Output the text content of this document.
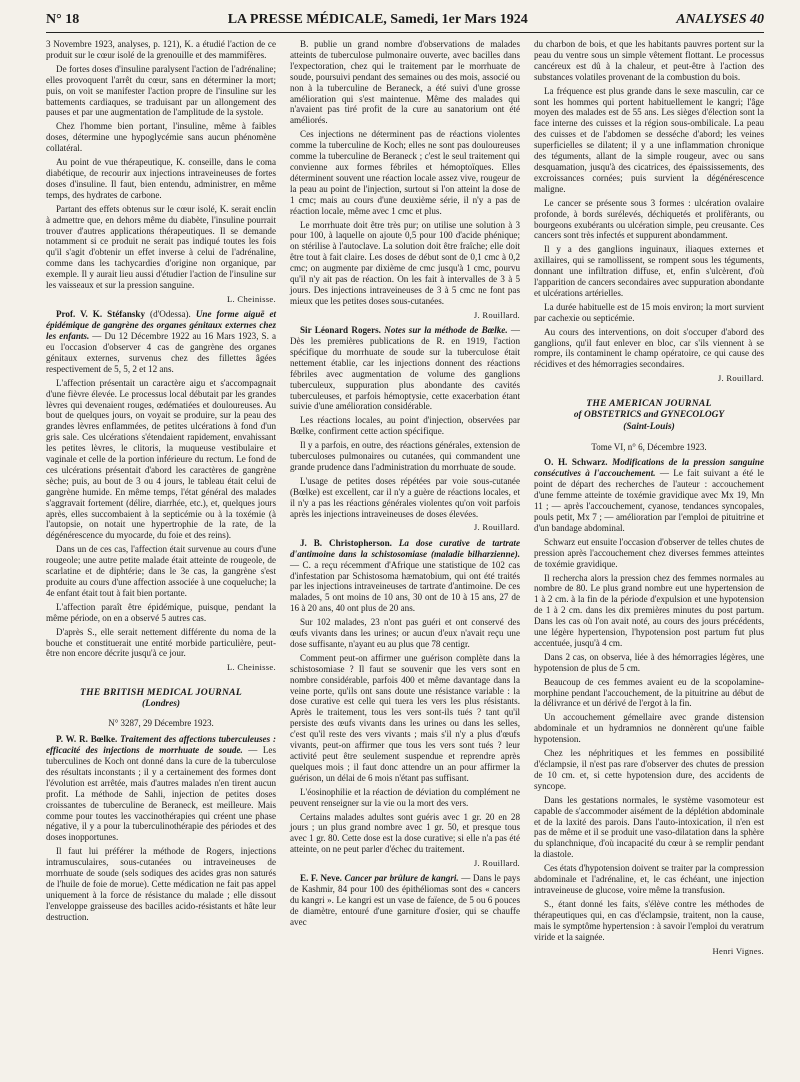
N° 18	LA PRESSE MÉDICALE, Samedi, 1er Mars 1924	ANALYSES 40

3 Novembre 1923, analyses, p. 121), K. a étudié l'action de ce produit sur le cœur isolé de la grenouille et des mammifères.

De fortes doses d'insuline paralysent l'action de l'adrénaline; elles provoquent l'arrêt du cœur, sans en déterminer la mort; puis, on voit se manifester l'action propre de l'insuline sur les battements cardiaques, se traduisant par un allongement des pauses et par une augmentation de l'amplitude de la systole.

Chez l'homme bien portant, l'insuline, même à faibles doses, détermine une hypoglycémie sans aucun phénomène collatéral.

Au point de vue thérapeutique, K. conseille, dans le coma diabétique, de recourir aux injections intraveineuses de fortes doses d'insuline. Il faut, bien entendu, administrer, en même temps, des hydrates de carbone.

Partant des effets obtenus sur le cœur isolé, K. serait enclin à admettre que, en dehors même du diabète, l'insuline pourrait trouver d'autres applications thérapeutiques. Il se demande notamment si ce produit ne serait pas indiqué toutes les fois qu'il s'agit d'obtenir un effet inverse à celui de l'adrénaline, comme dans les tachycardies d'origine non organique, par exemple. Il y aurait lieu aussi d'étudier l'action de l'insuline sur les vaisseaux et sur la pression sanguine.

L. Cheinisse.

Prof. V. K. Stéfansky (d'Odessa). Une forme aiguë et épidémique de gangrène des organes génitaux externes chez les enfants. — Du 12 Décembre 1922 au 16 Mars 1923, S. a eu l'occasion d'observer 4 cas de gangrène des organes génitaux externes, survenus chez des fillettes âgées respectivement de 5, 5, 2 et 12 ans.

L'affection présentait un caractère aigu et s'accompagnait d'une fièvre élevée. Le processus local débutait par les grandes lèvres qui devenaient rouges, œdématiées et douloureuses. Au bout de quelques jours, on voyait se produire, sur la peau des grandes lèvres enflammées, de petites ulcérations à fond d'un gris sale. Ces ulcérations s'étendaient rapidement, envahissant les petites lèvres, le clitoris, la muqueuse vestibulaire et vaginale et celle de la portion inférieure du rectum. Le fond de ces ulcérations présentait d'abord les caractères de gangrène sèche; puis, au bout de 3 ou 4 jours, le tableau était celui de gangrène humide. En même temps, l'état général des malades s'aggravait fortement (délire, diarrhée, etc.), et, quelques jours après, elles succombaient à la septicémie ou à la toxémie (à l'autopsie, on notait une hypertrophie de la rate, de la dégénérescence du myocarde, du foie et des reins).

Dans un de ces cas, l'affection était survenue au cours d'une rougeole; une autre petite malade était atteinte de rougeole, de scarlatine et de diphtérie; dans le 3e cas, la gangrène s'est produite au cours d'une affection associée à une coqueluche; la 4e enfant était tout à fait bien portante.

L'affection paraît être épidémique, puisque, pendant la même période, on en a observé 5 autres cas.

D'après S., elle serait nettement différente du noma de la bouche et constituerait une entité morbide particulière, peut-être non encore décrite jusqu'à ce jour.

L. Cheinisse.
THE BRITISH MEDICAL JOURNAL
(Londres)
N° 3287, 29 Décembre 1923.

P. W. R. Bœlke. Traitement des affections tuberculeuses : efficacité des injections de morrhuate de soude. — Les tuberculines de Koch ont donné dans la cure de la tuberculose des résultats inconstants ; il y a certainement des formes dont l'évolution est arrêtée, mais d'autres malades n'en tirent aucun profit. La méthode de Sahli, injection de petites doses croissantes de tuberculine de Beraneck, est meilleure. Mais comme pour toutes les vaccinothérapies qui créent une phase négative, il y a pour la tuberculinothérapie des périodes et des doses inopportunes.

Il faut lui préférer la méthode de Rogers, injections intramusculaires, sous-cutanées ou intraveineuses de morrhuate de soude (sels sodiques des acides gras non saturés de l'huile de foie de morue). Cette médication ne fait pas appel uniquement à la force de résistance du malade ; elle dissout l'enveloppe graisseuse des bacilles acido-résistants et hâte leur destruction.

B. publie un grand nombre d'observations de malades atteints de tuberculose pulmonaire ouverte, avec bacilles dans l'expectoration, chez qui le traitement par le morrhuate de soude, poursuivi pendant des semaines ou des mois, associé ou non à la tuberculine de Beraneck, a été suivi d'une grosse amélioration qui s'est maintenue. Même des malades qui n'avaient pas tiré profit de la cure au sanatorium ont été améliorés.

Ces injections ne déterminent pas de réactions violentes comme la tuberculine de Koch; elles ne sont pas douloureuses comme la tuberculine de Beraneck ; c'est le seul traitement qui convienne aux formes fébriles et hémoptoïques. Elles déterminent souvent une réaction locale assez vive, rougeur de la peau au point de l'injection, surtout si l'on atteint la dose de 1 cmc; mais au cours d'une deuxième série, il n'y a pas de réaction locale, même avec 1 cmc et plus.

Le morrhuate doit être très pur; on utilise une solution à 3 pour 100, à laquelle on ajoute 0,5 pour 100 d'acide phénique; on stérilise à l'autoclave. La solution doit être fraîche; elle doit être tout à fait claire. Les doses de début sont de 0,1 cmc à 0,2 cmc; on augmente par dixième de cmc jusqu'à 1 cmc, pourvu qu'il n'y ait pas de réaction. On les fait à intervalles de 3 à 5 jours. Des injections intraveineuses de 3 à 5 cmc ne font pas mieux que les petites doses sous-cutanées.

J. Rouillard.

Sir Léonard Rogers. Notes sur la méthode de Bœlke. — Dès les premières publications de R. en 1919, l'action spécifique du morrhuate de soude sur la tuberculose était nettement établie, car les injections donnent des réactions fébriles avec augmentation de volume des ganglions tuberculeux, suppuration plus abondante des cavités tuberculeuses, et parfois hémoptysie, cette exacerbation étant suivie d'une amélioration considérable.

Les réactions locales, au point d'injection, observées par Bœlke, confirment cette action spécifique.

Il y a parfois, en outre, des réactions générales, extension de tuberculoses pulmonaires ou cutanées, qui commandent une grande prudence dans l'administration du morrhuate de soude.

L'usage de petites doses répétées par voie sous-cutanée (Bœlke) est excellent, car il n'y a guère de réactions locales, et il n'y a pas les réactions générales violentes qu'on voit parfois après les injections intraveineuses de doses élevées.

J. Rouillard.

J. B. Christopherson. La dose curative de tartrate d'antimoine dans la schistosomiase (maladie bilharzienne). — C. a reçu récemment d'Afrique une statistique de 102 cas d'infestation par Schistosoma hæmatobium, qui ont été traités par les injections intraveineuses de tartrate d'antimoine. De ces malades, 5 ont moins de 10 ans, 30 ont de 10 à 15 ans, 27 de 16 à 20 ans, 40 ont plus de 20 ans.

Sur 102 malades, 23 n'ont pas guéri et ont conservé des œufs vivants dans les urines; or aucun d'eux n'avait reçu une dose suffisante, n'ayant eu au plus que 78 centigr.

Comment peut-on affirmer une guérison complète dans la schistosomiase ? Il faut se souvenir que les vers sont en nombre considérable, parfois 400 et même davantage dans la veine porte, qu'ils ont sans doute une résistance variable : la dose curative est celle qui tuera les vers les plus résistants. Après le traitement, tous les vers sont-ils tués ? tant qu'il persiste des œufs vivants dans les urines ou dans les selles, c'est qu'il reste des vers vivants ; mais s'il n'y a plus d'œufs vivants, peut-on affirmer que tous les vers sont tués ? leur activité peut être seulement suspendue et reprendre après quelques mois ; il faut donc attendre un an pour affirmer la guérison, un délai de 6 mois n'étant pas suffisant.

L'éosinophilie et la réaction de déviation du complément ne peuvent renseigner sur la vie ou la mort des vers.

Certains malades adultes sont guéris avec 1 gr. 20 en 28 jours ; un plus grand nombre avec 1 gr. 50, et presque tous avec 1 gr. 80. Cette dose est la dose curative; si elle n'a pas été atteinte, on ne peut parler d'échec du traitement.

J. Rouillard.

E. F. Neve. Cancer par brûlure de kangri. — Dans le pays de Kashmir, 84 pour 100 des épithéliomas sont des « cancers du kangri ». Le kangri est un vase de faïence, de 5 ou 6 pouces de diamètre, entouré d'une garniture d'osier, qui se chauffe avec

du charbon de bois, et que les habitants pauvres portent sur la peau du ventre sous un simple vêtement flottant. Le processus cancéreux est dû à la chaleur, et peut-être à l'action des substances volatiles provenant de la combustion du bois.

La fréquence est plus grande dans le sexe masculin, car ce sont les hommes qui portent habituellement le kangri; l'âge moyen des malades est de 55 ans. Les sièges d'élection sont la face interne des cuisses et la région sous-ombilicale. La peau des cuisses et de l'abdomen se desséche d'abord; les veines superficielles se dilatent; il y a une inflammation chronique des téguments, allant de la simple rougeur, avec ou sans desquamation, jusqu'à des cicatrices, des épaississements, des excroissances cornées; puis survient la dégénérescence maligne.

Le cancer se présente sous 3 formes : ulcération ovalaire profonde, à bords surélevés, déchiquetés et prolifèrants, ou bourgeons exubérants ou ulcération simple, peu creusante. Ces cancers sont très infectés et suppurent abondamment.

Il y a des ganglions inguinaux, iliaques externes et axillaires, qui se ramollissent, se rompent sous les téguments, donnant une infiltration diffuse, et, enfin s'ulcèrent, d'où l'apparition de cancers secondaires avec suppuration abondante et ulcérations artérielles.

La durée habituelle est de 15 mois environ; la mort survient par cachexie ou septicémie.

Au cours des interventions, on doit s'occuper d'abord des ganglions, qu'il faut enlever en bloc, car s'ils viennent à se rompre, ils contaminent le champ opératoire, ce qui cause des récidives et des hémorragies secondaires.

J. Rouillard.
THE AMERICAN JOURNAL
of OBSTETRICS and GYNECOLOGY
(Saint-Louis)
Tome VI, n° 6, Décembre 1923.

O. H. Schwarz. Modifications de la pression sanguine consécutives à l'accouchement. — Le fait suivant a été le point de départ des recherches de l'auteur : accouchement d'une femme atteinte de toxémie gravidique avec Mx 19, Mn 11 ; — après l'accouchement, cyanose, tendances syncopales, pouls petit, Mx 7 ; — amélioration par l'emploi de pituitrine et d'un bandage abdominal.

Schwarz eut ensuite l'occasion d'observer de telles chutes de pression après l'accouchement chez diverses femmes atteintes de toxémie gravidique.

Il rechercha alors la pression chez des femmes normales au nombre de 80. Le plus grand nombre eut une hypertension de 1 à 2 cm. à la fin de la période d'expulsion et une hypotension de 1 à 2 cm. dans les dix premières minutes du post partum. Dans les cas où l'on avait noté, au cours des jours précédents, une légère hypertension, l'hypotension post partum fut plus accentuée, jusqu'à 4 cm.

Dans 2 cas, on observa, liée à des hémorragies légères, une hypotension de plus de 5 cm.

Beaucoup de ces femmes avaient eu de la scopolamine-morphine pendant l'accouchement, de la pituitrine au début de la délivrance et un dérivé de l'ergot à la fin.

Un accouchement gémellaire avec grande distension abdominale et un hydramnios ne donnèrent qu'une faible hypotension.

Chez les néphritiques et les femmes en possibilité d'éclampsie, il n'est pas rare d'observer des chutes de pression de 10 cm. et, si cette hypotension dure, des accidents de syncope.

Dans les gestations normales, le système vasomoteur est capable de s'accommoder aisément de la déplétion abdominale et de la laxité des parois. Dans l'auto-intoxication, il n'en est pas de même et il se produit une vaso-dilatation dans la sphère du splanchnique, d'où incapacité du cœur à se remplir pendant la diastole.

Ces états d'hypotension doivent se traiter par la compression abdominale et l'adrénaline, et, le cas échéant, une injection intraveineuse de glucose, voire même la transfusion.

S., étant donné les faits, s'élève contre les méthodes de thérapeutiques qui, en cas d'éclampsie, traitent, non la cause, mais le symptôme hypertension : à savoir l'emploi du veratrum viride et la saignée.

Henri Vignes.
